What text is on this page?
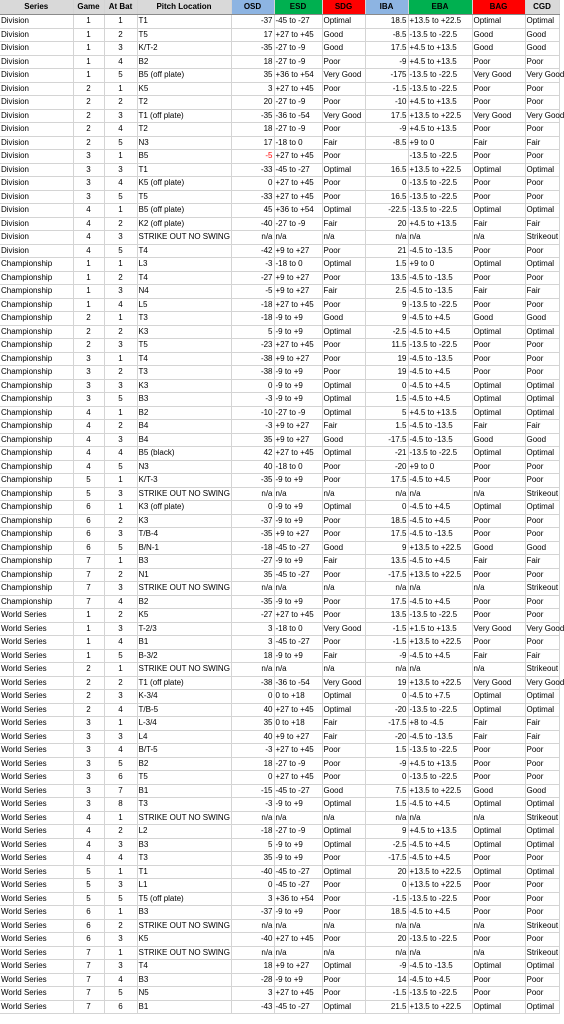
Series	Game	At Bat	Pitch Location	OSD	ESD	SDG	IBA	EBA	BAG	CGD
Division	1	1	T1	-37	-45 to -27	Optimal	18.5	+13.5 to +22.5	Optimal	Optimal
Division	1	2	T5	17	+27 to +45	Good	-8.5	-13.5 to -22.5	Good	Good
Division	1	3	K/T-2	-35	-27 to -9	Good	17.5	+4.5 to +13.5	Good	Good
Division	1	4	B2	18	-27 to -9	Poor	-9	+4.5 to +13.5	Poor	Poor
Division	1	5	B5 (off plate)	35	+36 to +54	Very Good	-175	-13.5 to -22.5	Very Good	Very Good
Division	2	1	K5	3	+27 to +45	Poor	-1.5	-13.5 to -22.5	Poor	Poor
Division	2	2	T2	20	-27 to -9	Poor	-10	+4.5 to +13.5	Poor	Poor
Division	2	3	T1 (off plate)	-35	-36 to -54	Very Good	17.5	+13.5 to +22.5	Very Good	Very Good
Division	2	4	T2	18	-27 to -9	Poor	-9	+4.5 to +13.5	Poor	Poor
Division	2	5	N3	17	-18 to 0	Fair	-8.5	+9 to 0	Fair	Fair
Division	3	1	B5	-5	+27 to +45	Poor		-13.5 to -22.5	Poor	Poor
Division	3	3	T1	-33	-45 to -27	Optimal	16.5	+13.5 to +22.5	Optimal	Optimal
Division	3	4	K5 (off plate)	0	+27 to +45	Poor	0	-13.5 to -22.5	Poor	Poor
Division	3	5	T5	-33	+27 to +45	Poor	16.5	-13.5 to -22.5	Poor	Poor
Division	4	1	B5 (off plate)	45	+36 to +54	Optimal	-22.5	-13.5 to -22.5	Optimal	Optimal
Division	4	2	K2 (off plate)	-40	-27 to -9	Fair	20	+4.5 to +13.5	Fair	Fair
Division	4	3	STRIKE OUT NO SWING	n/a	n/a	n/a	n/a	n/a	n/a	Strikeout
Division	4	5	T4	-42	+9 to +27	Poor	21	-4.5 to -13.5	Poor	Poor
Championship	1	1	L3	-3	-18 to 0	Optimal	1.5	+9 to 0	Optimal	Optimal
Championship	1	2	T4	-27	+9 to +27	Poor	13.5	-4.5 to -13.5	Poor	Poor
Championship	1	3	N4	-5	+9 to +27	Fair	2.5	-4.5 to -13.5	Fair	Fair
Championship	1	4	L5	-18	+27 to +45	Poor	9	-13.5 to -22.5	Poor	Poor
Championship	2	1	T3	-18	-9 to +9	Good	9	-4.5 to +4.5	Good	Good
Championship	2	2	K3	5	-9 to +9	Optimal	-2.5	-4.5 to +4.5	Optimal	Optimal
Championship	2	3	T5	-23	+27 to +45	Poor	11.5	-13.5 to -22.5	Poor	Poor
Championship	3	1	T4	-38	+9 to +27	Poor	19	-4.5 to -13.5	Poor	Poor
Championship	3	2	T3	-38	-9 to +9	Poor	19	-4.5 to +4.5	Poor	Poor
Championship	3	3	K3	0	-9 to +9	Optimal	0	-4.5 to +4.5	Optimal	Optimal
Championship	3	5	B3	-3	-9 to +9	Optimal	1.5	-4.5 to +4.5	Optimal	Optimal
Championship	4	1	B2	-10	-27 to -9	Optimal	5	+4.5 to +13.5	Optimal	Optimal
Championship	4	2	B4	-3	+9 to +27	Fair	1.5	-4.5 to -13.5	Fair	Fair
Championship	4	3	B4	35	+9 to +27	Good	-17.5	-4.5 to -13.5	Good	Good
Championship	4	4	B5 (black)	42	+27 to +45	Optimal	-21	-13.5 to -22.5	Optimal	Optimal
Championship	4	5	N3	40	-18 to 0	Poor	-20	+9 to 0	Poor	Poor
Championship	5	1	K/T-3	-35	-9 to +9	Poor	17.5	-4.5 to +4.5	Poor	Poor
Championship	5	3	STRIKE OUT NO SWING	n/a	n/a	n/a	n/a	n/a	n/a	Strikeout
Championship	6	1	K3 (off plate)	0	-9 to +9	Optimal	0	-4.5 to +4.5	Optimal	Optimal
Championship	6	2	K3	-37	-9 to +9	Poor	18.5	-4.5 to +4.5	Poor	Poor
Championship	6	3	T/B-4	-35	+9 to +27	Poor	17.5	-4.5 to -13.5	Poor	Poor
Championship	6	5	B/N-1	-18	-45 to -27	Good	9	+13.5 to +22.5	Good	Good
Championship	7	1	B3	-27	-9 to +9	Fair	13.5	-4.5 to +4.5	Fair	Fair
Championship	7	2	N1	35	-45 to -27	Poor	-17.5	+13.5 to +22.5	Poor	Poor
Championship	7	3	STRIKE OUT NO SWING	n/a	n/a	n/a	n/a	n/a	n/a	Strikeout
Championship	7	4	B2	-35	-9 to +9	Poor	17.5	-4.5 to +4.5	Poor	Poor
World Series	1	2	K5	-27	+27 to +45	Poor	13.5	-13.5 to -22.5	Poor	Poor
World Series	1	3	T-2/3	3	-18 to 0	Very Good	-1.5	+1.5 to +13.5	Very Good	Very Good
World Series	1	4	B1	3	-45 to -27	Poor	-1.5	+13.5 to +22.5	Poor	Poor
World Series	1	5	B-3/2	18	-9 to +9	Fair	-9	-4.5 to +4.5	Fair	Fair
World Series	2	1	STRIKE OUT NO SWING	n/a	n/a	n/a	n/a	n/a	n/a	Strikeout
World Series	2	2	T1 (off plate)	-38	-36 to -54	Very Good	19	+13.5 to +22.5	Very Good	Very Good
World Series	2	3	K-3/4	0	0 to +18	Optimal	0	-4.5 to +7.5	Optimal	Optimal
World Series	2	4	T/B-5	40	+27 to +45	Optimal	-20	-13.5 to -22.5	Optimal	Optimal
World Series	3	1	L-3/4	35	0 to +18	Fair	-17.5	+8 to -4.5	Fair	Fair
World Series	3	3	L4	40	+9 to +27	Fair	-20	-4.5 to -13.5	Fair	Fair
World Series	3	4	B/T-5	-3	+27 to +45	Poor	1.5	-13.5 to -22.5	Poor	Poor
World Series	3	5	B2	18	-27 to -9	Poor	-9	+4.5 to +13.5	Poor	Poor
World Series	3	6	T5	0	+27 to +45	Poor	0	-13.5 to -22.5	Poor	Poor
World Series	3	7	B1	-15	-45 to -27	Good	7.5	+13.5 to +22.5	Good	Good
World Series	3	8	T3	-3	-9 to +9	Optimal	1.5	-4.5 to +4.5	Optimal	Optimal
World Series	4	1	STRIKE OUT NO SWING	n/a	n/a	n/a	n/a	n/a	n/a	Strikeout
World Series	4	2	L2	-18	-27 to -9	Optimal	9	+4.5 to +13.5	Optimal	Optimal
World Series	4	3	B3	5	-9 to +9	Optimal	-2.5	-4.5 to +4.5	Optimal	Optimal
World Series	4	4	T3	35	-9 to +9	Poor	-17.5	-4.5 to +4.5	Poor	Poor
World Series	5	1	T1	-40	-45 to -27	Optimal	20	+13.5 to +22.5	Optimal	Optimal
World Series	5	3	L1	0	-45 to -27	Poor	0	+13.5 to +22.5	Poor	Poor
World Series	5	5	T5 (off plate)	3	+36 to +54	Poor	-1.5	-13.5 to -22.5	Poor	Poor
World Series	6	1	B3	-37	-9 to +9	Poor	18.5	-4.5 to +4.5	Poor	Poor
World Series	6	2	STRIKE OUT NO SWING	n/a	n/a	n/a	n/a	n/a	n/a	Strikeout
World Series	6	3	K5	-40	+27 to +45	Poor	20	-13.5 to -22.5	Poor	Poor
World Series	7	1	STRIKE OUT NO SWING	n/a	n/a	n/a	n/a	n/a	n/a	Strikeout
World Series	7	3	T4	18	+9 to +27	Optimal	-9	-4.5 to -13.5	Optimal	Optimal
World Series	7	4	B3	-28	-9 to +9	Poor	14	-4.5 to +4.5	Poor	Poor
World Series	7	5	N5	3	+27 to +45	Poor	-1.5	-13.5 to -22.5	Poor	Poor
World Series	7	6	B1	-43	-45 to -27	Optimal	21.5	+13.5 to +22.5	Optimal	Optimal
